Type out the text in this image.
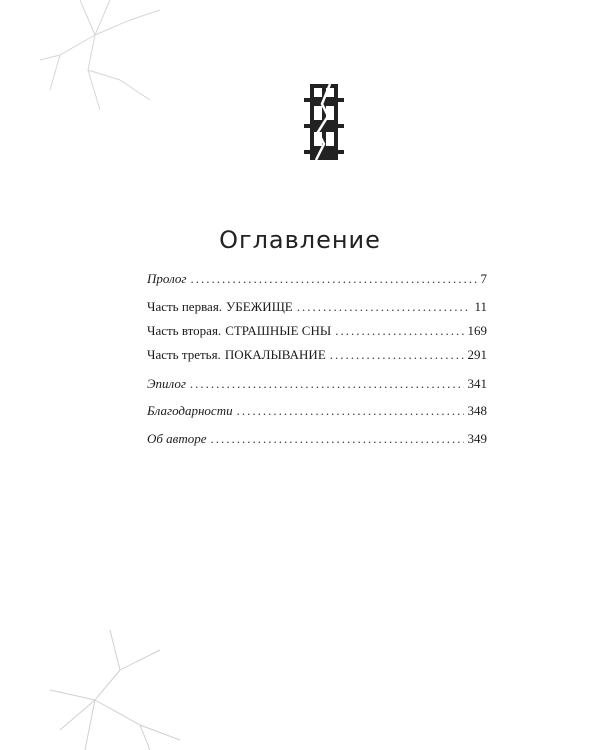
Оглавление
Пролог .....	7
Часть первая. УБЕЖИЩЕ .....	11
Часть вторая. СТРАШНЫЕ СНЫ .....	169
Часть третья. ПОКАЛЫВАНИЕ .....	291
Эпилог .....	341
Благодарности .....	348
Об авторе .....	349
